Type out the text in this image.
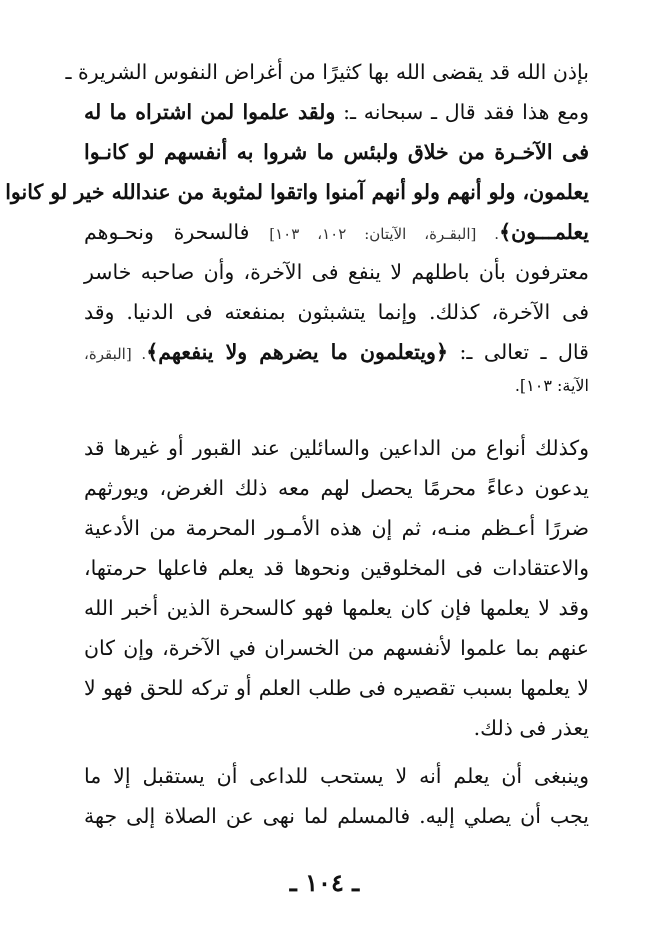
بإذن الله قد يقضى الله بها كثيرًا من أغراض النفوس الشريرة ـ
ومع هذا فقد قال ـ سبحانه ـ: ولقد علموا لمن اشتراه ما له
فى الآخـرة من خلاق ولبئس ما شروا به أنفسهم لو كانـوا
يعلمون، ولو أنهم ولو أنهم آمنوا واتقوا لمثوبة من عندالله خير لو كانوا
يعلمـــون﴾. [البقـرة، الآيتان: ١٠٢، ١٠٣] فالسحرة ونحـوهم
معترفون بأن باطلهم لا ينفع فى الآخرة، وأن صاحبه خاسر
فى الآخرة، كذلك. وإنما يتشبثون بمنفعته فى الدنيا. وقد
قال ـ تعالى ـ: ﴿ويتعلمون ما يضرهم ولا ينفعهم﴾. [البقرة،
الآية: ١٠٣].
وكذلك أنواع من الداعين والسائلين عند القبور أو غيرها قد
يدعون دعاءً محرمًا يحصل لهم معه ذلك الغرض، ويورثهم
ضررًا أعـظم منـه، ثم إن هذه الأمـور المحرمة من الأدعية
والاعتقادات فى المخلوقين ونحوها قد يعلم فاعلها حرمتها،
وقد لا يعلمها فإن كان يعلمها فهو كالسحرة الذين أخبر الله
عنهم بما علموا لأنفسهم من الخسران في الآخرة، وإن كان
لا يعلمها بسبب تقصيره فى طلب العلم أو تركه للحق فهو لا
يعذر فى ذلك.
وينبغى أن يعلم أنه لا يستحب للداعى أن يستقبل إلا ما
يجب أن يصلي إليه. فالمسلم لما نهى عن الصلاة إلى جهة
ـ ١٠٤ ـ
